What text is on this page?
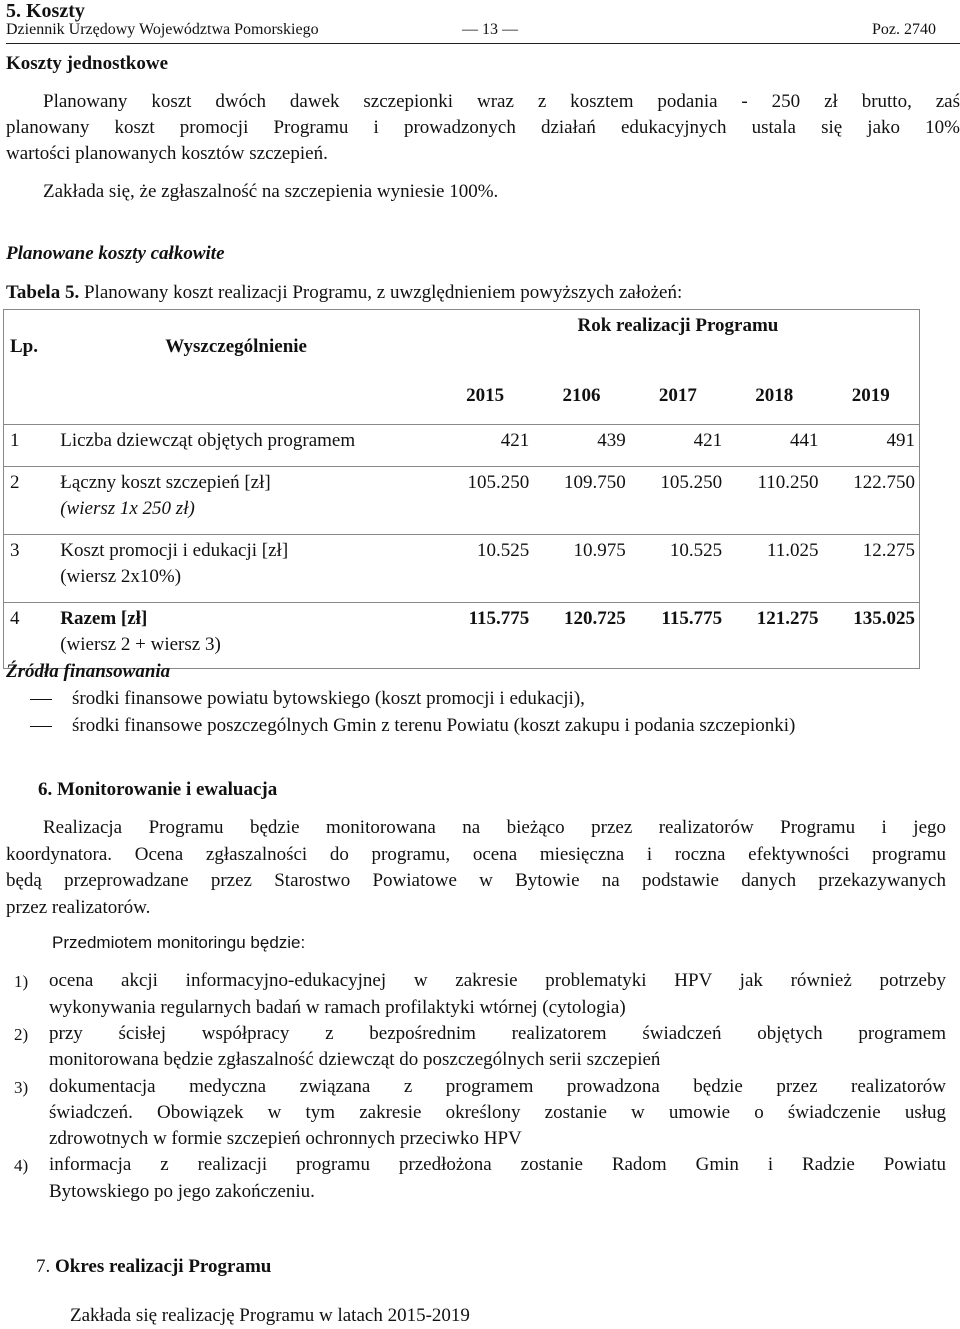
5. Koszty
Dziennik Urzędowy Województwa Pomorskiego	— 13 —	Poz. 2740
Koszty jednostkowe
Planowany koszt dwóch dawek szczepionki wraz z kosztem podania - 250 zł brutto, zaś
planowany koszt promocji Programu i prowadzonych działań edukacyjnych ustala się jako 10%
wartości planowanych kosztów szczepień.
Zakłada się, że zgłaszalność na szczepienia wyniesie 100%.
Planowane koszty całkowite
Tabela 5. Planowany koszt realizacji Programu, z uwzględnieniem powyższych założeń:
Lp.	Wyszczególnienie	Rok realizacji Programu				
		2015	2106	2017	2018	2019
1	Liczba dziewcząt objętych programem	421	439	421	441	491
2	Łączny koszt szczepień [zł]
(wiersz 1x 250 zł)	105.250	109.750	105.250	110.250	122.750
3	Koszt promocji i edukacji [zł]
(wiersz 2x10%)	10.525	10.975	10.525	11.025	12.275
4	Razem [zł]
(wiersz 2 + wiersz 3)	115.775	120.725	115.775	121.275	135.025
Źródła finansowania
środki finansowe powiatu bytowskiego (koszt promocji i edukacji),
środki finansowe poszczególnych Gmin z terenu Powiatu (koszt zakupu i podania szczepionki)
6. Monitorowanie i ewaluacja
Realizacja Programu będzie monitorowana na bieżąco przez realizatorów Programu i jego
koordynatora. Ocena zgłaszalności do programu, ocena miesięczna i roczna efektywności programu
będą przeprowadzane przez Starostwo Powiatowe w Bytowie na podstawie danych przekazywanych
przez realizatorów.
Przedmiotem monitoringu będzie:
1) ocena akcji informacyjno-edukacyjnej w zakresie problematyki HPV jak również potrzeby
wykonywania regularnych badań w ramach profilaktyki wtórnej (cytologia)
2) przy ścisłej współpracy z bezpośrednim realizatorem świadczeń objętych programem
monitorowana będzie zgłaszalność dziewcząt do poszczególnych serii szczepień
3) dokumentacja medyczna związana z programem prowadzona będzie przez realizatorów
świadczeń. Obowiązek w tym zakresie określony zostanie w umowie o świadczenie usług
zdrowotnych w formie szczepień ochronnych przeciwko HPV
4) informacja z realizacji programu przedłożona zostanie Radom Gmin i Radzie Powiatu
Bytowskiego po jego zakończeniu.
7. Okres realizacji Programu
Zakłada się realizację Programu w latach 2015-2019
